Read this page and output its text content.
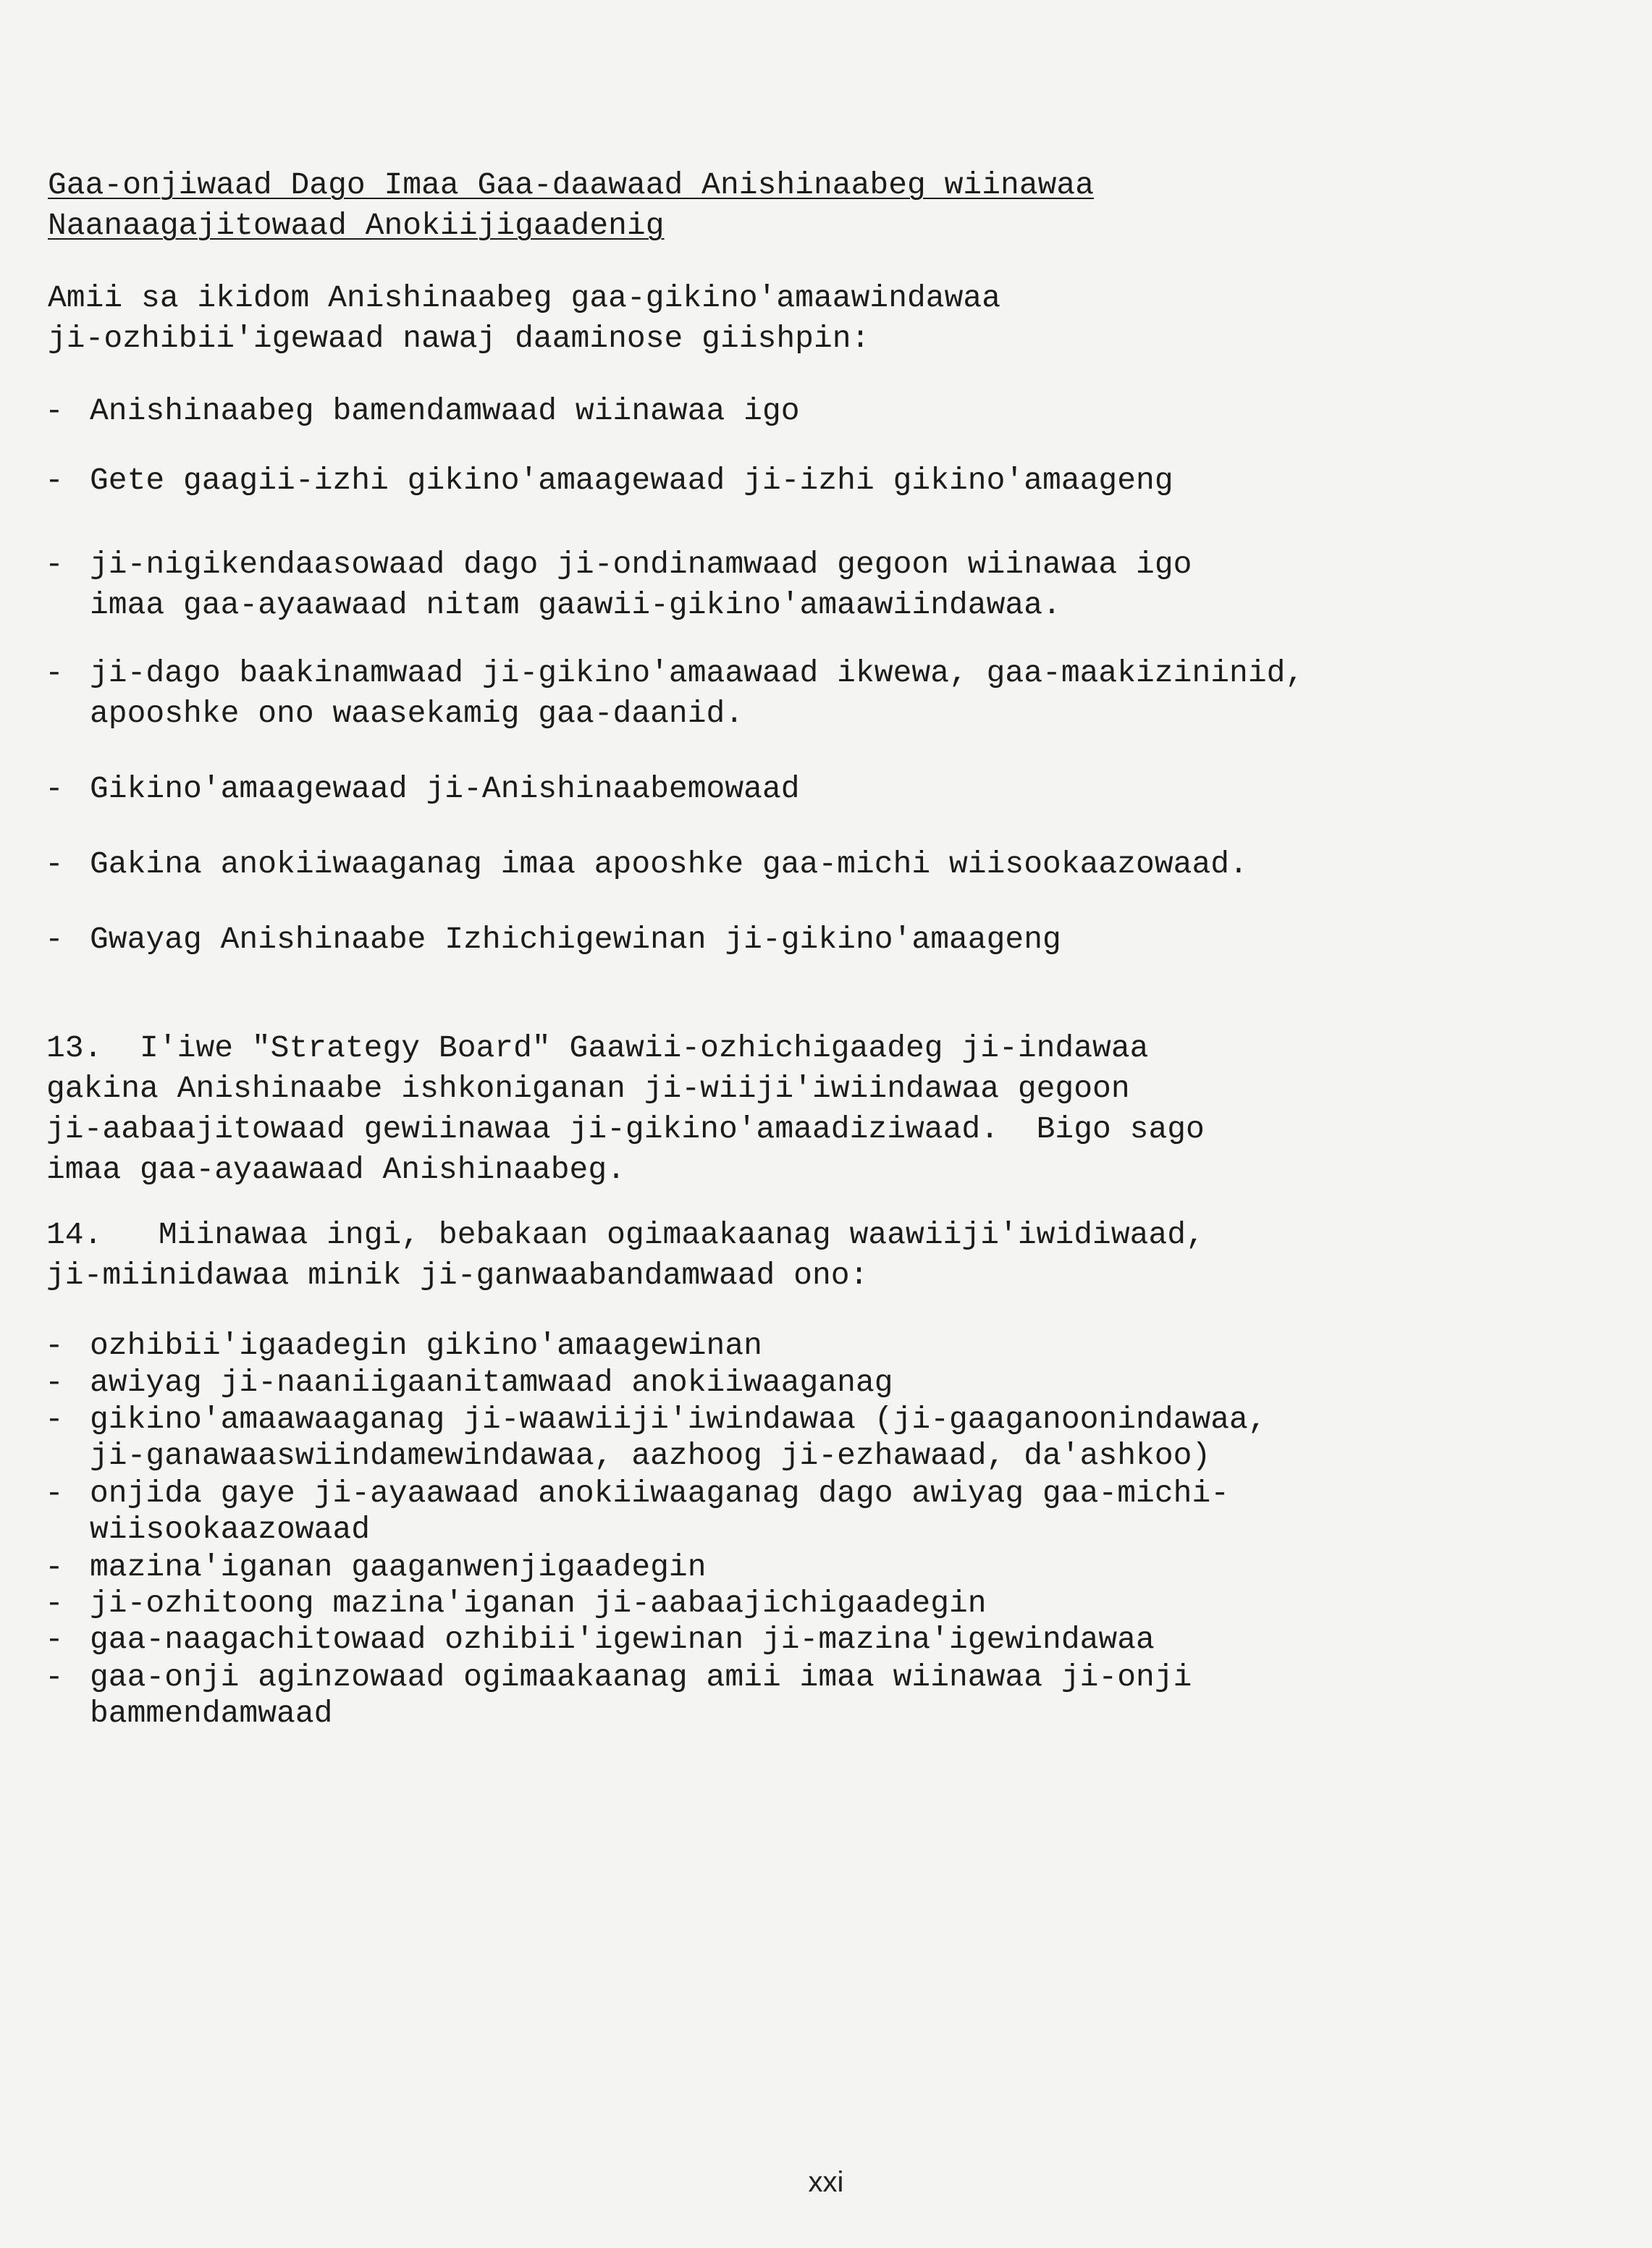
Gaa-onjiwaad Dago Imaa Gaa-daawaad Anishinaabeg wiinawaa
Naanaagajitowaad Anokiijigaadenig
Amii sa ikidom Anishinaabeg gaa-gikino'amaawindawaa
ji-ozhibii'igewaad nawaj daaminose giishpin:
- Anishinaabeg bamendamwaad wiinawaa igo
- Gete gaagii-izhi gikino'amaagewaad ji-izhi gikino'amaageng
- ji-nigikendaasowaad dago ji-ondinamwaad gegoon wiinawaa igo
imaa gaa-ayaawaad nitam gaawii-gikino'amaawiindawaa.
- ji-dago baakinamwaad ji-gikino'amaawaad ikwewa, gaa-maakizininid,
apooshke ono waasekamig gaa-daanid.
- Gikino'amaagewaad ji-Anishinaabemowaad
- Gakina anokiiwaaganag imaa apooshke gaa-michi wiisookaazowaad.
- Gwayag Anishinaabe Izhichigewinan ji-gikino'amaageng
13. I'iwe "Strategy Board" Gaawii-ozhichigaadeg ji-indawaa
gakina Anishinaabe ishkoniganan ji-wiiji'iwiindawaa gegoon
ji-aabaajitowaad gewiinawaa ji-gikino'amaadiziwaad.  Bigo sago
imaa gaa-ayaawaad Anishinaabeg.
14. Miinawaa ingi, bebakaan ogimaakaanag waawiiji'iwidiwaad,
ji-miinidawaa minik ji-ganwaabandamwaad ono:
- ozhibii'igaadegin gikino'amaagewinan
- awiyag ji-naaniigaanitamwaad anokiiwaaganag
- gikino'amaawaaganag ji-waawiiji'iwindawaa (ji-gaaganoonindawaa,
ji-ganawaaswiindamewindawaa, aazhoog ji-ezhawaad, da'ashkoo)
- onjida gaye ji-ayaawaad anokiiwaaganag dago awiyag gaa-michi-
wiisookaazowaad
- mazina'iganan gaaganwenjigaadegin
- ji-ozhitoong mazina'iganan ji-aabaajichigaadegin
- gaa-naagachitowaad ozhibii'igewinan ji-mazina'igewindawaa
- gaa-onji aginzowaad ogimaakaanag amii imaa wiinawaa ji-onji
bammendamwaad
xxi
